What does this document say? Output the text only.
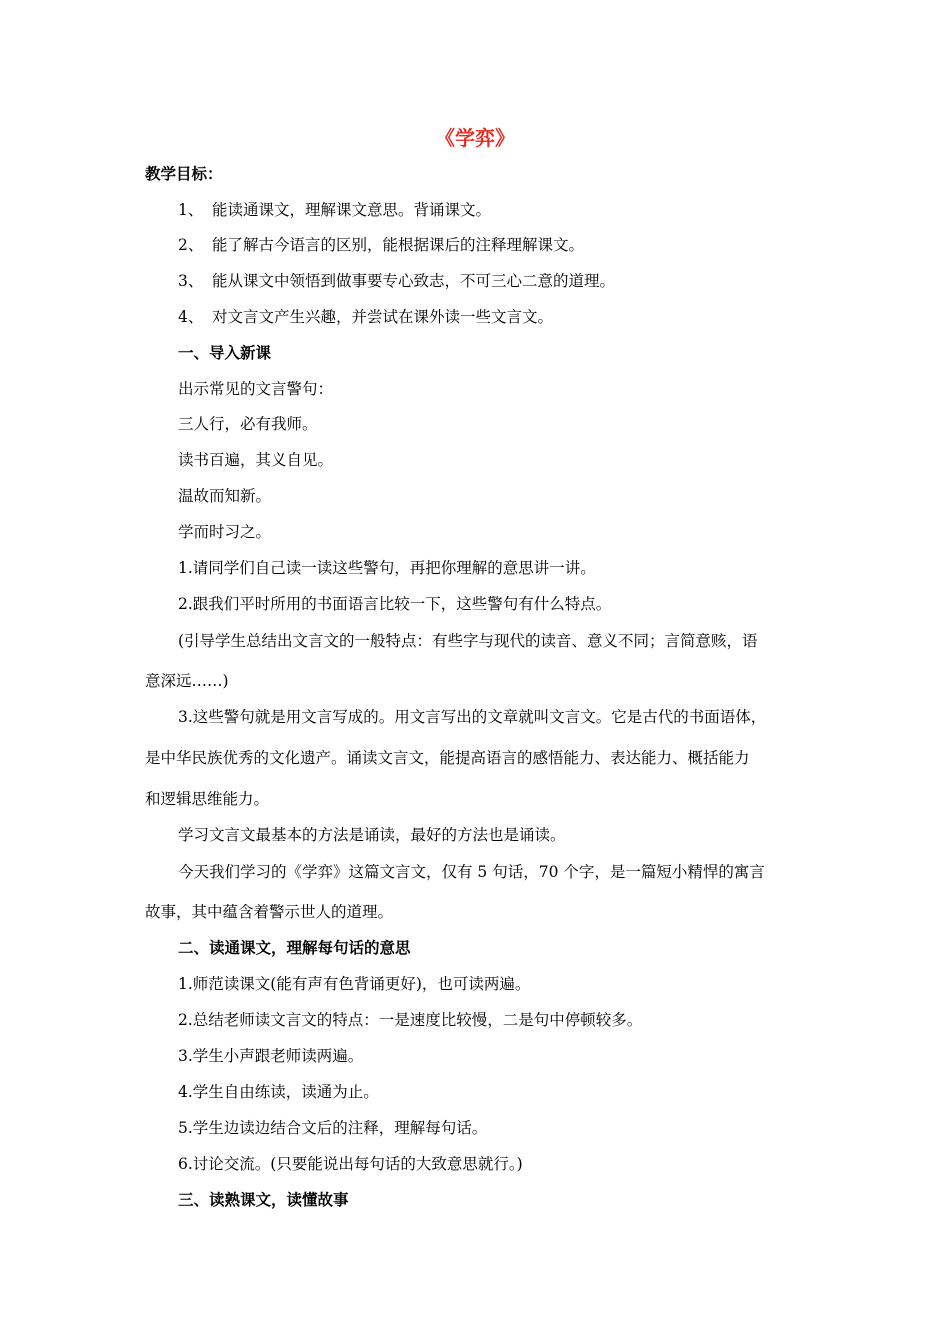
《学弈》
教学目标：
1、 能读通课文，理解课文意思。背诵课文。
2、 能了解古今语言的区别，能根据课后的注释理解课文。
3、 能从课文中领悟到做事要专心致志，不可三心二意的道理。
4、 对文言文产生兴趣，并尝试在课外读一些文言文。
一、导入新课
出示常见的文言警句：
三人行，必有我师。
读书百遍，其义自见。
温故而知新。
学而时习之。
1.请同学们自己读一读这些警句，再把你理解的意思讲一讲。
2.跟我们平时所用的书面语言比较一下，这些警句有什么特点。
(引导学生总结出文言文的一般特点：有些字与现代的读音、意义不同；言简意赅，语
意深远……)
3.这些警句就是用文言写成的。用文言写出的文章就叫文言文。它是古代的书面语体，
是中华民族优秀的文化遗产。诵读文言文，能提高语言的感悟能力、表达能力、概括能力
和逻辑思维能力。
学习文言文最基本的方法是诵读，最好的方法也是诵读。
今天我们学习的《学弈》这篇文言文，仅有 5 句话，70 个字，是一篇短小精悍的寓言
故事，其中蕴含着警示世人的道理。
二、读通课文，理解每句话的意思
1.师范读课文(能有声有色背诵更好)，也可读两遍。
2.总结老师读文言文的特点：一是速度比较慢，二是句中停顿较多。
3.学生小声跟老师读两遍。
4.学生自由练读，读通为止。
5.学生边读边结合文后的注释，理解每句话。
6.讨论交流。(只要能说出每句话的大致意思就行。)
三、读熟课文，读懂故事
